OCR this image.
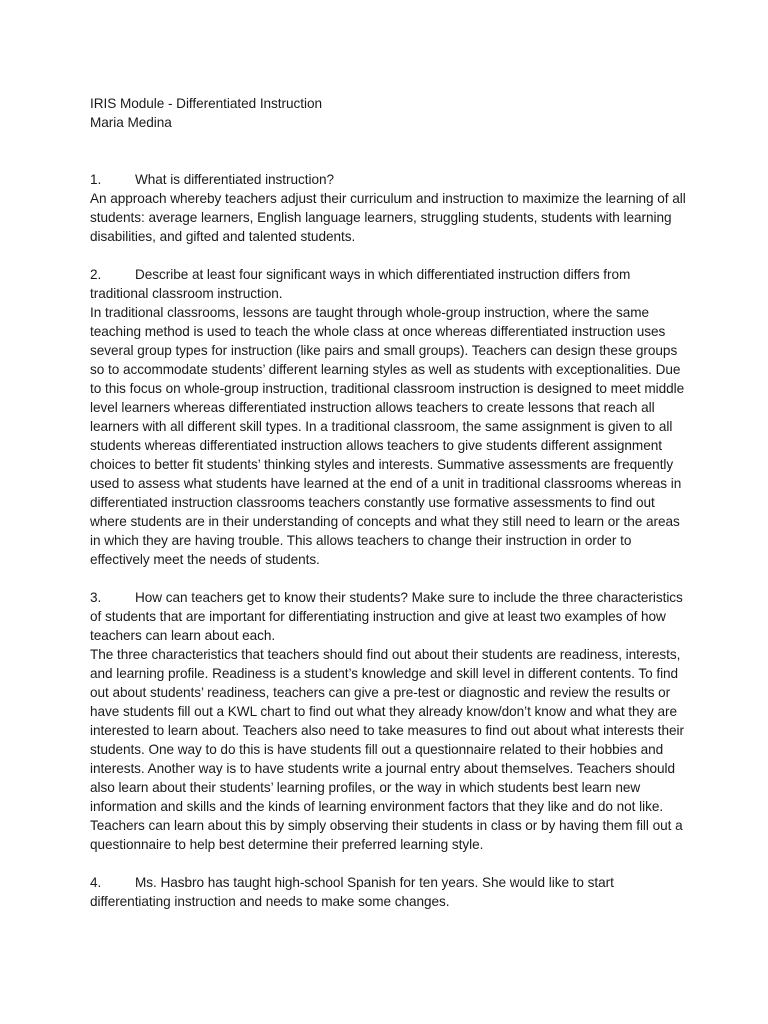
IRIS Module - Differentiated Instruction

Maria Medina

1. What is differentiated instruction?

An approach whereby teachers adjust their curriculum and instruction to maximize the learning of all students: average learners, English language learners, struggling students, students with learning disabilities, and gifted and talented students.

2. Describe at least four significant ways in which differentiated instruction differs from traditional classroom instruction.

In traditional classrooms, lessons are taught through whole-group instruction, where the same teaching method is used to teach the whole class at once whereas differentiated instruction uses several group types for instruction (like pairs and small groups). Teachers can design these groups so to accommodate students’ different learning styles as well as students with exceptionalities. Due to this focus on whole-group instruction, traditional classroom instruction is designed to meet middle level learners whereas differentiated instruction allows teachers to create lessons that reach all learners with all different skill types. In a traditional classroom, the same assignment is given to all students whereas differentiated instruction allows teachers to give students different assignment choices to better fit students’ thinking styles and interests. Summative assessments are frequently used to assess what students have learned at the end of a unit in traditional classrooms whereas in differentiated instruction classrooms teachers constantly use formative assessments to find out where students are in their understanding of concepts and what they still need to learn or the areas in which they are having trouble. This allows teachers to change their instruction in order to effectively meet the needs of students.

3. How can teachers get to know their students? Make sure to include the three characteristics of students that are important for differentiating instruction and give at least two examples of how teachers can learn about each.

The three characteristics that teachers should find out about their students are readiness, interests, and learning profile. Readiness is a student’s knowledge and skill level in different contents. To find out about students’ readiness, teachers can give a pre-test or diagnostic and review the results or have students fill out a KWL chart to find out what they already know/don’t know and what they are interested to learn about. Teachers also need to take measures to find out about what interests their students. One way to do this is have students fill out a questionnaire related to their hobbies and interests. Another way is to have students write a journal entry about themselves. Teachers should also learn about their students’ learning profiles, or the way in which students best learn new information and skills and the kinds of learning environment factors that they like and do not like. Teachers can learn about this by simply observing their students in class or by having them fill out a questionnaire to help best determine their preferred learning style.

4. Ms. Hasbro has taught high-school Spanish for ten years. She would like to start differentiating instruction and needs to make some changes.
